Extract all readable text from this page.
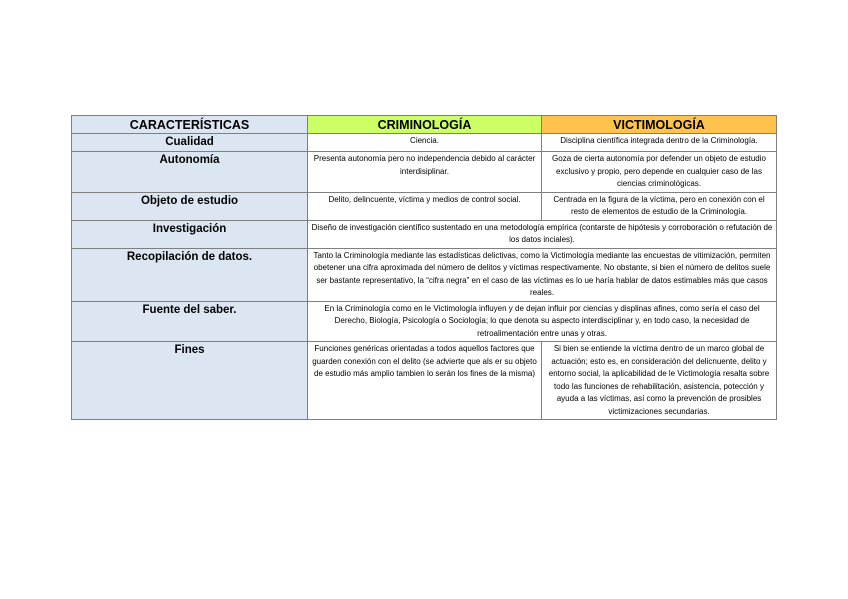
CARACTERÍSTICAS	CRIMINOLOGÍA	VICTIMOLOGÍA
Cualidad	Ciencia.	Disciplina científica integrada dentro de la Criminología.
Autonomía	Presenta autonomía pero no independencia debido al carácter interdisiplinar.	Goza de cierta autonomía por defender un objeto de estudio exclusivo y propio, pero depende en cualquier caso de las ciencias criminológicas.
Objeto de estudio	Delito, delincuente, víctima y medios de control social.	Centrada en la figura de la víctima, pero en conexión con el resto de elementos de estudio de la Criminología.
Investigación	Diseño de investigación científico sustentado en una metodología empírica (contarste de hipótesis y corroboración o refutación de los datos inciales).	
Recopilación de datos.	Tanto la Criminología mediante las estadísticas delictivas, como la Victimología mediante las encuestas de vitimización, permiten obetener una cifra aproximada del número de delitos y víctimas respectivamente. No obstante, si bien el número de delitos suele ser bastante representativo, la “cifra negra” en el caso de las víctimas es lo ue haría hablar de datos estimables más que casos reales.	
Fuente del saber.	En la Criminología como en le Victimología influyen y de dejan influir por ciencias y displinas afines, como sería el caso del Derecho, Biología, Psicología o Sociología; lo que denota su aspecto interdisciplinar y, en todo caso, la necesidad de retroalimentación entre unas y otras.	
Fines	Funciones genéricas orientadas a todos aquellos factores que guarden conexión con el delito (se advierte que als er su objeto de estudio más amplio tambien lo serán los fines de la misma)	Si bien se entiende la víctima dentro de un marco global de actuación; esto es, en consideración del delicnuente, delito y entorno social, la aplicabilidad de le Victimología resalta sobre todo las funciones de rehabilitación, asistencia, potección y ayuda a las víctimas, así como la prevención de prosibles victimizaciones secundarias.
